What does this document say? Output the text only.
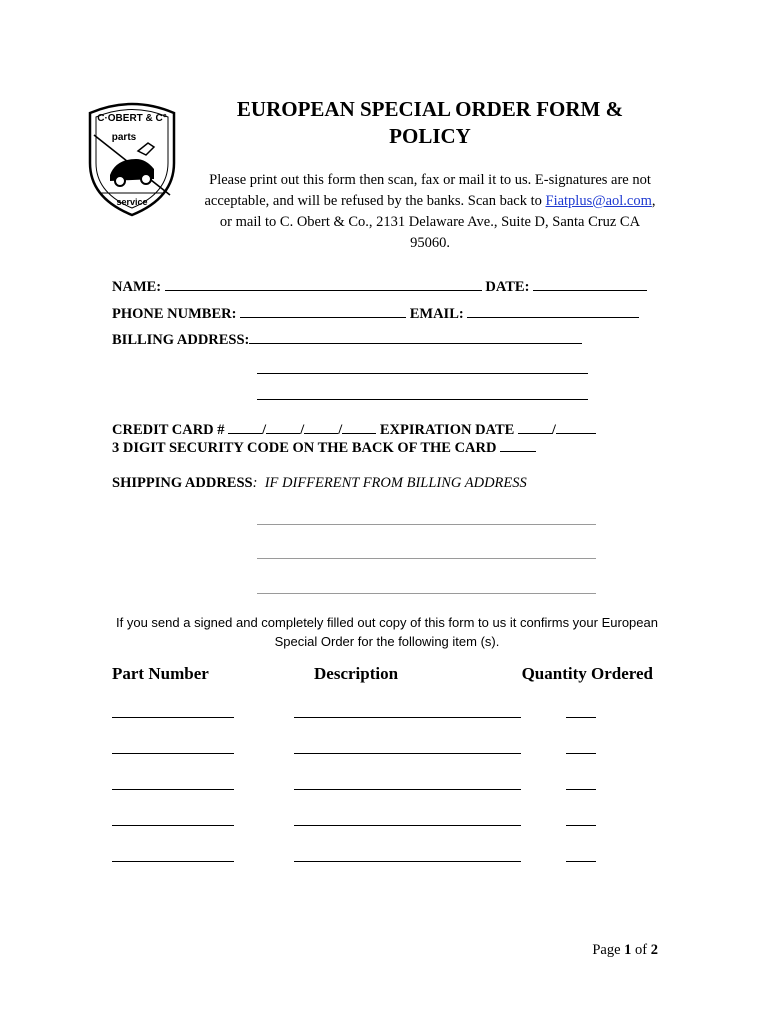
C·OBERT & C°
parts
service
EUROPEAN SPECIAL ORDER FORM & POLICY
Please print out this form then scan, fax or mail it to us. E-signatures are not acceptable, and will be refused by the banks. Scan back to Fiatplus@aol.com, or mail to C. Obert & Co., 2131 Delaware Ave., Suite D, Santa Cruz CA 95060.
NAME:	DATE:
PHONE NUMBER:	EMAIL:
BILLING ADDRESS:
CREDIT CARD #	/ / /	EXPIRATION DATE	/
3 DIGIT SECURITY CODE ON THE BACK OF THE CARD
SHIPPING ADDRESS:  IF DIFFERENT FROM BILLING ADDRESS
If you send a signed and completely filled out copy of this form to us it confirms your European Special Order for the following item (s).
Part Number	Description	Quantity Ordered
Page 1 of 2
